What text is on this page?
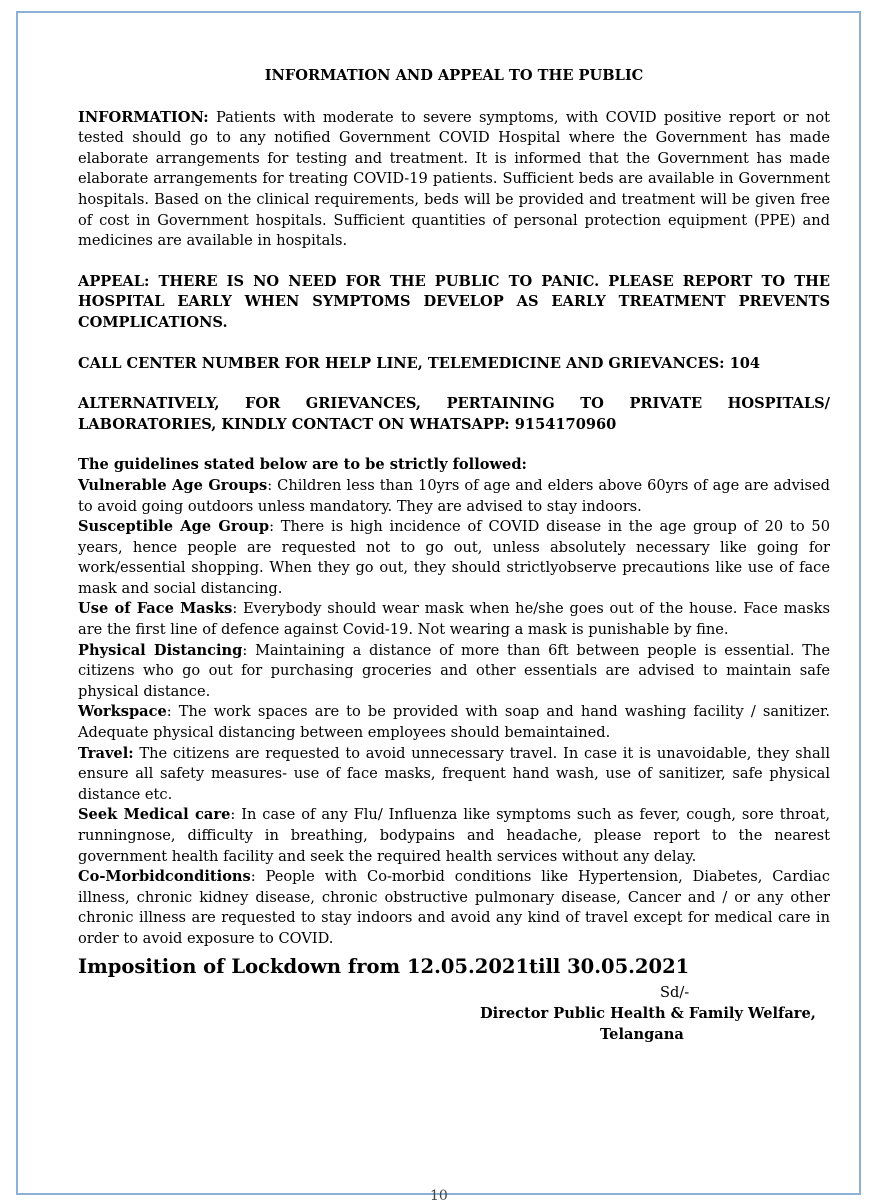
INFORMATION AND APPEAL TO THE PUBLIC

INFORMATION: Patients with moderate to severe symptoms, with COVID positive report or not tested should go to any notified Government COVID Hospital where the Government has made elaborate arrangements for testing and treatment. It is informed that the Government has made elaborate arrangements for treating COVID-19 patients. Sufficient beds are available in Government hospitals. Based on the clinical requirements, beds will be provided and treatment will be given free of cost in Government hospitals. Sufficient quantities of personal protection equipment (PPE) and medicines are available in hospitals.

APPEAL: THERE IS NO NEED FOR THE PUBLIC TO PANIC. PLEASE REPORT TO THE HOSPITAL EARLY WHEN SYMPTOMS DEVELOP AS EARLY TREATMENT PREVENTS COMPLICATIONS.

CALL CENTER NUMBER FOR HELP LINE, TELEMEDICINE AND GRIEVANCES: 104

ALTERNATIVELY, FOR GRIEVANCES, PERTAINING TO PRIVATE HOSPITALS/ LABORATORIES, KINDLY CONTACT ON WHATSAPP: 9154170960

The guidelines stated below are to be strictly followed:

Vulnerable Age Groups: Children less than 10yrs of age and elders above 60yrs of age are advised to avoid going outdoors unless mandatory. They are advised to stay indoors.

Susceptible Age Group: There is high incidence of COVID disease in the age group of 20 to 50 years, hence people are requested not to go out, unless absolutely necessary like going for work/essential shopping. When they go out, they should strictlyobserve precautions like use of face mask and social distancing.

Use of Face Masks: Everybody should wear mask when he/she goes out of the house. Face masks are the first line of defence against Covid-19. Not wearing a mask is punishable by fine.

Physical Distancing: Maintaining a distance of more than 6ft between people is essential. The citizens who go out for purchasing groceries and other essentials are advised to maintain safe physical distance.

Workspace: The work spaces are to be provided with soap and hand washing facility / sanitizer. Adequate physical distancing between employees should bemaintained.

Travel: The citizens are requested to avoid unnecessary travel. In case it is unavoidable, they shall ensure all safety measures- use of face masks, frequent hand wash, use of sanitizer, safe physical distance etc.

Seek Medical care: In case of any Flu/ Influenza like symptoms such as fever, cough, sore throat, runningnose, difficulty in breathing, bodypains and headache, please report to the nearest government health facility and seek the required health services without any delay.

Co-Morbidconditions: People with Co-morbid conditions like Hypertension, Diabetes, Cardiac illness, chronic kidney disease, chronic obstructive pulmonary disease, Cancer and / or any other chronic illness are requested to stay indoors and avoid any kind of travel except for medical care in order to avoid exposure to COVID.

Imposition of Lockdown from 12.05.2021till 30.05.2021

Sd/-
Director Public Health & Family Welfare,
Telangana
10
